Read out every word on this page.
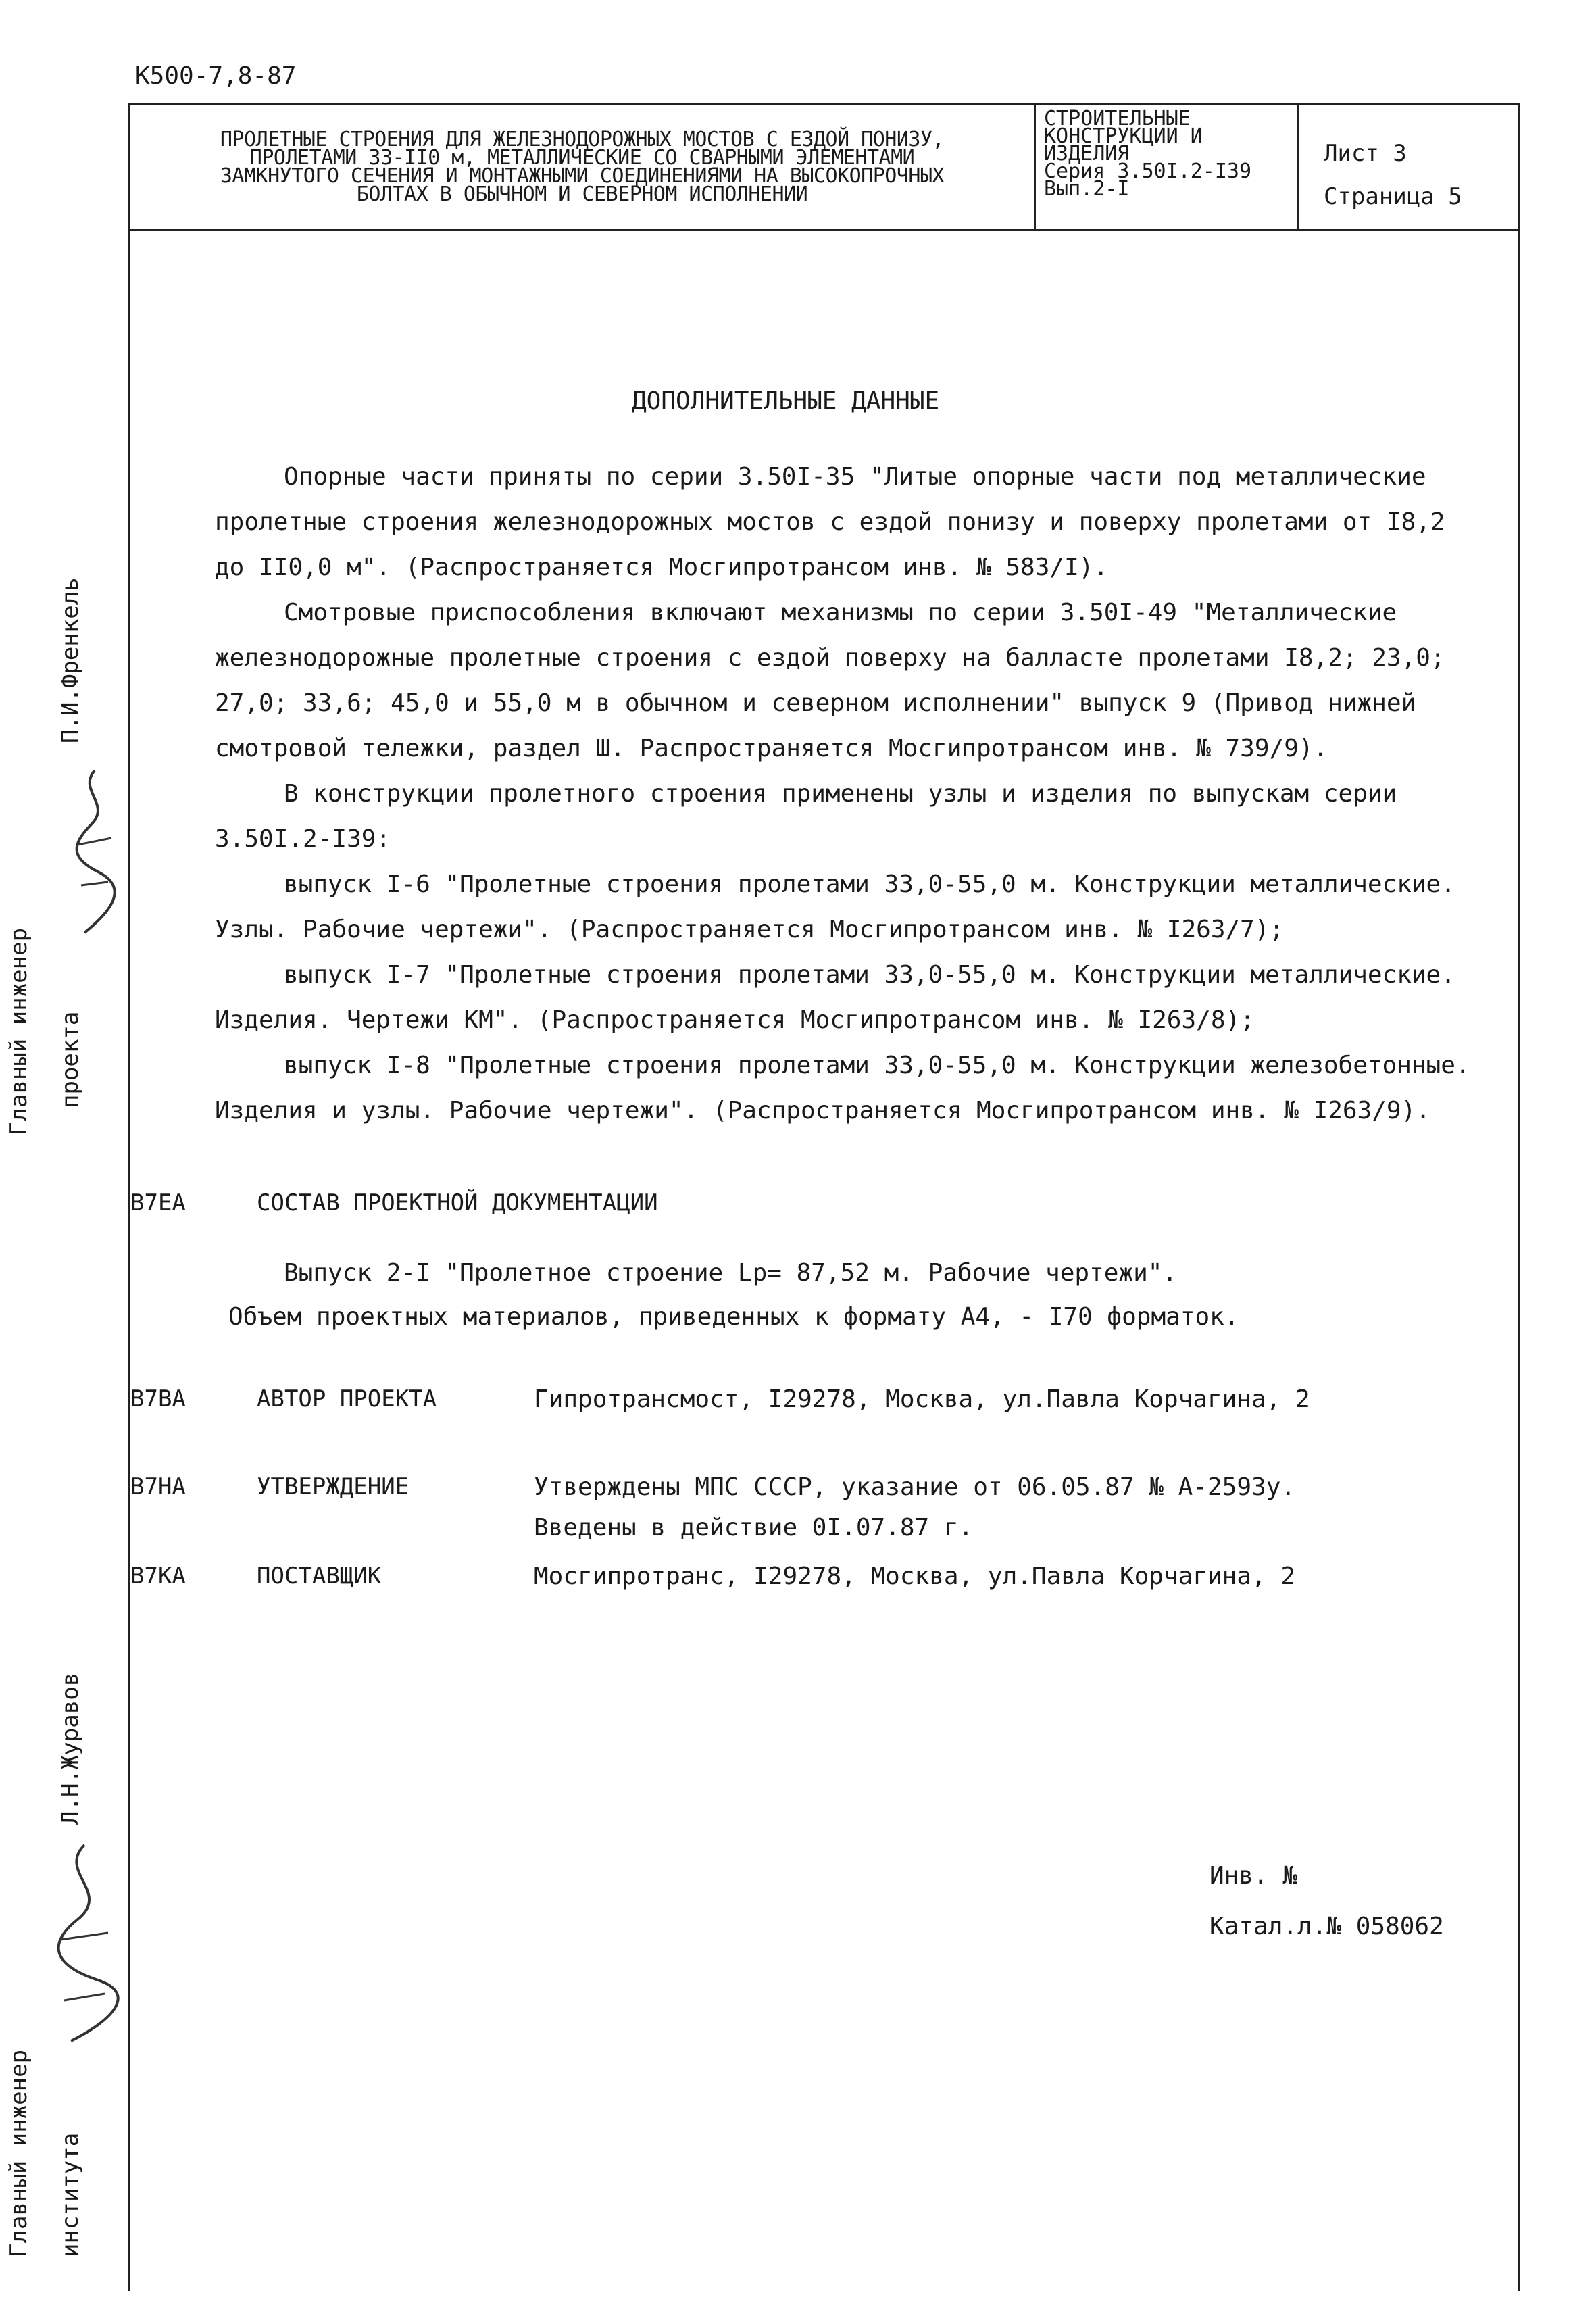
К500-7,8-87
ПРОЛЕТНЫЕ СТРОЕНИЯ ДЛЯ ЖЕЛЕЗНОДОРОЖНЫХ МОСТОВ С ЕЗДОЙ ПОНИЗУ,
ПРОЛЕТАМИ 33-II0 м, МЕТАЛЛИЧЕСКИЕ СО СВАРНЫМИ ЭЛЕМЕНТАМИ
ЗАМКНУТОГО СЕЧЕНИЯ И МОНТАЖНЫМИ СОЕДИНЕНИЯМИ НА ВЫСОКОПРОЧНЫХ
БОЛТАХ В ОБЫЧНОМ И СЕВЕРНОМ ИСПОЛНЕНИИ
СТРОИТЕЛЬНЫЕ
КОНСТРУКЦИИ И
ИЗДЕЛИЯ
Серия 3.50I.2-I39
Вып.2-I
Лист 3
Страница 5
ДОПОЛНИТЕЛЬНЫЕ ДАННЫЕ
Опорные части приняты по серии 3.50I-35 "Литые опорные части под металлические
пролетные строения железнодорожных мостов с ездой понизу и поверху пролетами от I8,2
до II0,0 м". (Распространяется Мосгипротрансом инв. № 583/I).
Смотровые приспособления включают механизмы по серии 3.50I-49 "Металлические
железнодорожные пролетные строения с ездой поверху на балласте пролетами I8,2; 23,0;
27,0; 33,6; 45,0 и 55,0 м в обычном и северном исполнении" выпуск 9 (Привод нижней
смотровой тележки, раздел Ш. Распространяется Мосгипротрансом инв. № 739/9).
В конструкции пролетного строения применены узлы и изделия по выпускам серии
3.50I.2-I39:
выпуск I-6 "Пролетные строения пролетами 33,0-55,0 м. Конструкции металлические.
Узлы. Рабочие чертежи". (Распространяется Мосгипротрансом инв. № I263/7);
выпуск I-7 "Пролетные строения пролетами 33,0-55,0 м. Конструкции металлические.
Изделия. Чертежи КМ". (Распространяется Мосгипротрансом инв. № I263/8);
выпуск I-8 "Пролетные строения пролетами 33,0-55,0 м. Конструкции железобетонные.
Изделия и узлы. Рабочие чертежи". (Распространяется Мосгипротрансом инв. № I263/9).
В7ЕА	СОСТАВ ПРОЕКТНОЙ ДОКУМЕНТАЦИИ
Выпуск 2-I "Пролетное строение Lp= 87,52 м. Рабочие чертежи".
Объем проектных материалов, приведенных к формату А4, - I70 форматок.
В7ВА	АВТОР ПРОЕКТА	Гипротрансмост, I29278, Москва, ул.Павла Корчагина, 2
В7НА	УТВЕРЖДЕНИЕ	Утверждены МПС СССР, указание от 06.05.87 № А-2593у.
Введены в действие 0I.07.87 г.
В7КА	ПОСТАВЩИК	Мосгипротранс, I29278, Москва, ул.Павла Корчагина, 2
Инв. №
Катал.л.№ 058062
Главный инженер проекта
П.И.Френкель
Главный инженер института
Л.Н.Журавов
